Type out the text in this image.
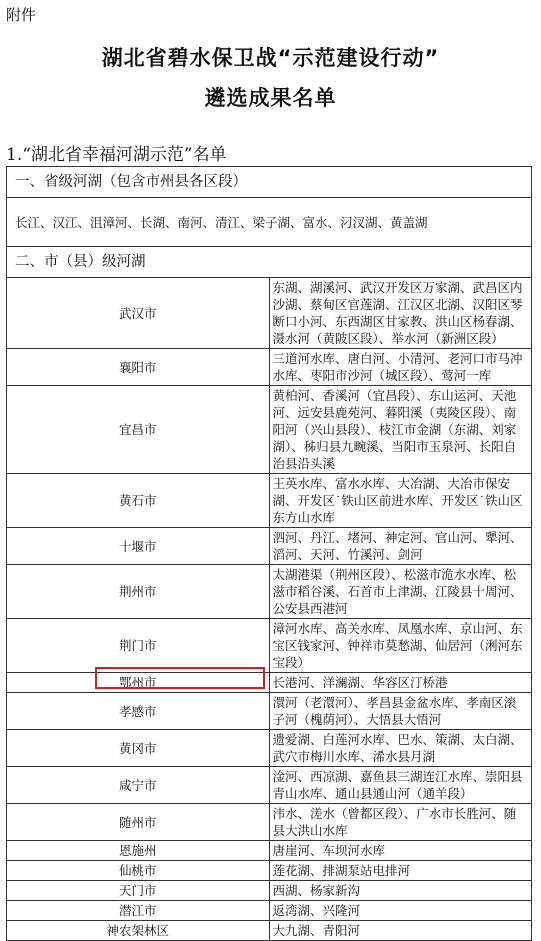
附件
湖北省碧水保卫战“示范建设行动”
遴选成果名单
1.“湖北省幸福河湖示范”名单
一、省级河湖（包含市州县各区段）	
长江、汉江、沮漳河、长湖、南河、清江、梁子湖、富水、汈汊湖、黄盖湖	
二、市（县）级河湖	
武汉市	东湖、湖溪河、武汉开发区万家湖、武昌区内沙湖、蔡甸区官莲湖、江汉区北湖、汉阳区琴断口小河、东西湖区甘家教、洪山区杨春湖、滠水河（黄陂区段）、举水河（新洲区段）
襄阳市	三道河水库、唐白河、小清河、老河口市马冲水库、枣阳市沙河（城区段）、莺河一库
宜昌市	黄柏河、香溪河（宜昌段）、东山运河、天池河、远安县鹿苑河、暮阳溪（夷陵区段）、南阳河（兴山县段）、枝江市金湖（东湖、刘家湖）、秭归县九畹溪、当阳市玉泉河、长阳自治县沿头溪
黄石市	王英水库、富水水库、大冶湖、大冶市保安湖、开发区˙铁山区前进水库、开发区˙铁山区东方山水库
十堰市	泗河、丹江、堵河、神定河、官山河、犟河、滔河、天河、竹溪河、剑河
荆州市	太湖港渠（荆州区段）、松滋市洈水水库、松滋市稻谷溪、石首市上津湖、江陵县十周河、公安县西港河
荆门市	漳河水库、高关水库、凤凰水库、京山河、东宝区钱家河、钟祥市莫愁湖、仙居河（浰河东宝段）
鄂州市	长港河、洋澜湖、华容区汀桥港
孝感市	澴河（老澴河）、孝昌县金盆水库、孝南区滚子河（槐荫河）、大悟县大悟河
黄冈市	遗爱湖、白莲河水库、巴水、策湖、太白湖、武穴市梅川水库、浠水县月湖
咸宁市	淦河、西凉湖、嘉鱼县三湖连江水库、崇阳县青山水库、通山县通山河（通羊段）
随州市	𣲗水、溠水（曾都区段）、广水市长胜河、随县大洪山水库
恩施州	唐崖河、车坝河水库
仙桃市	莲花湖、排湖泵站电排河
天门市	西湖、杨家新沟
潜江市	返湾湖、兴隆河
神农架林区	大九湖、青阳河
